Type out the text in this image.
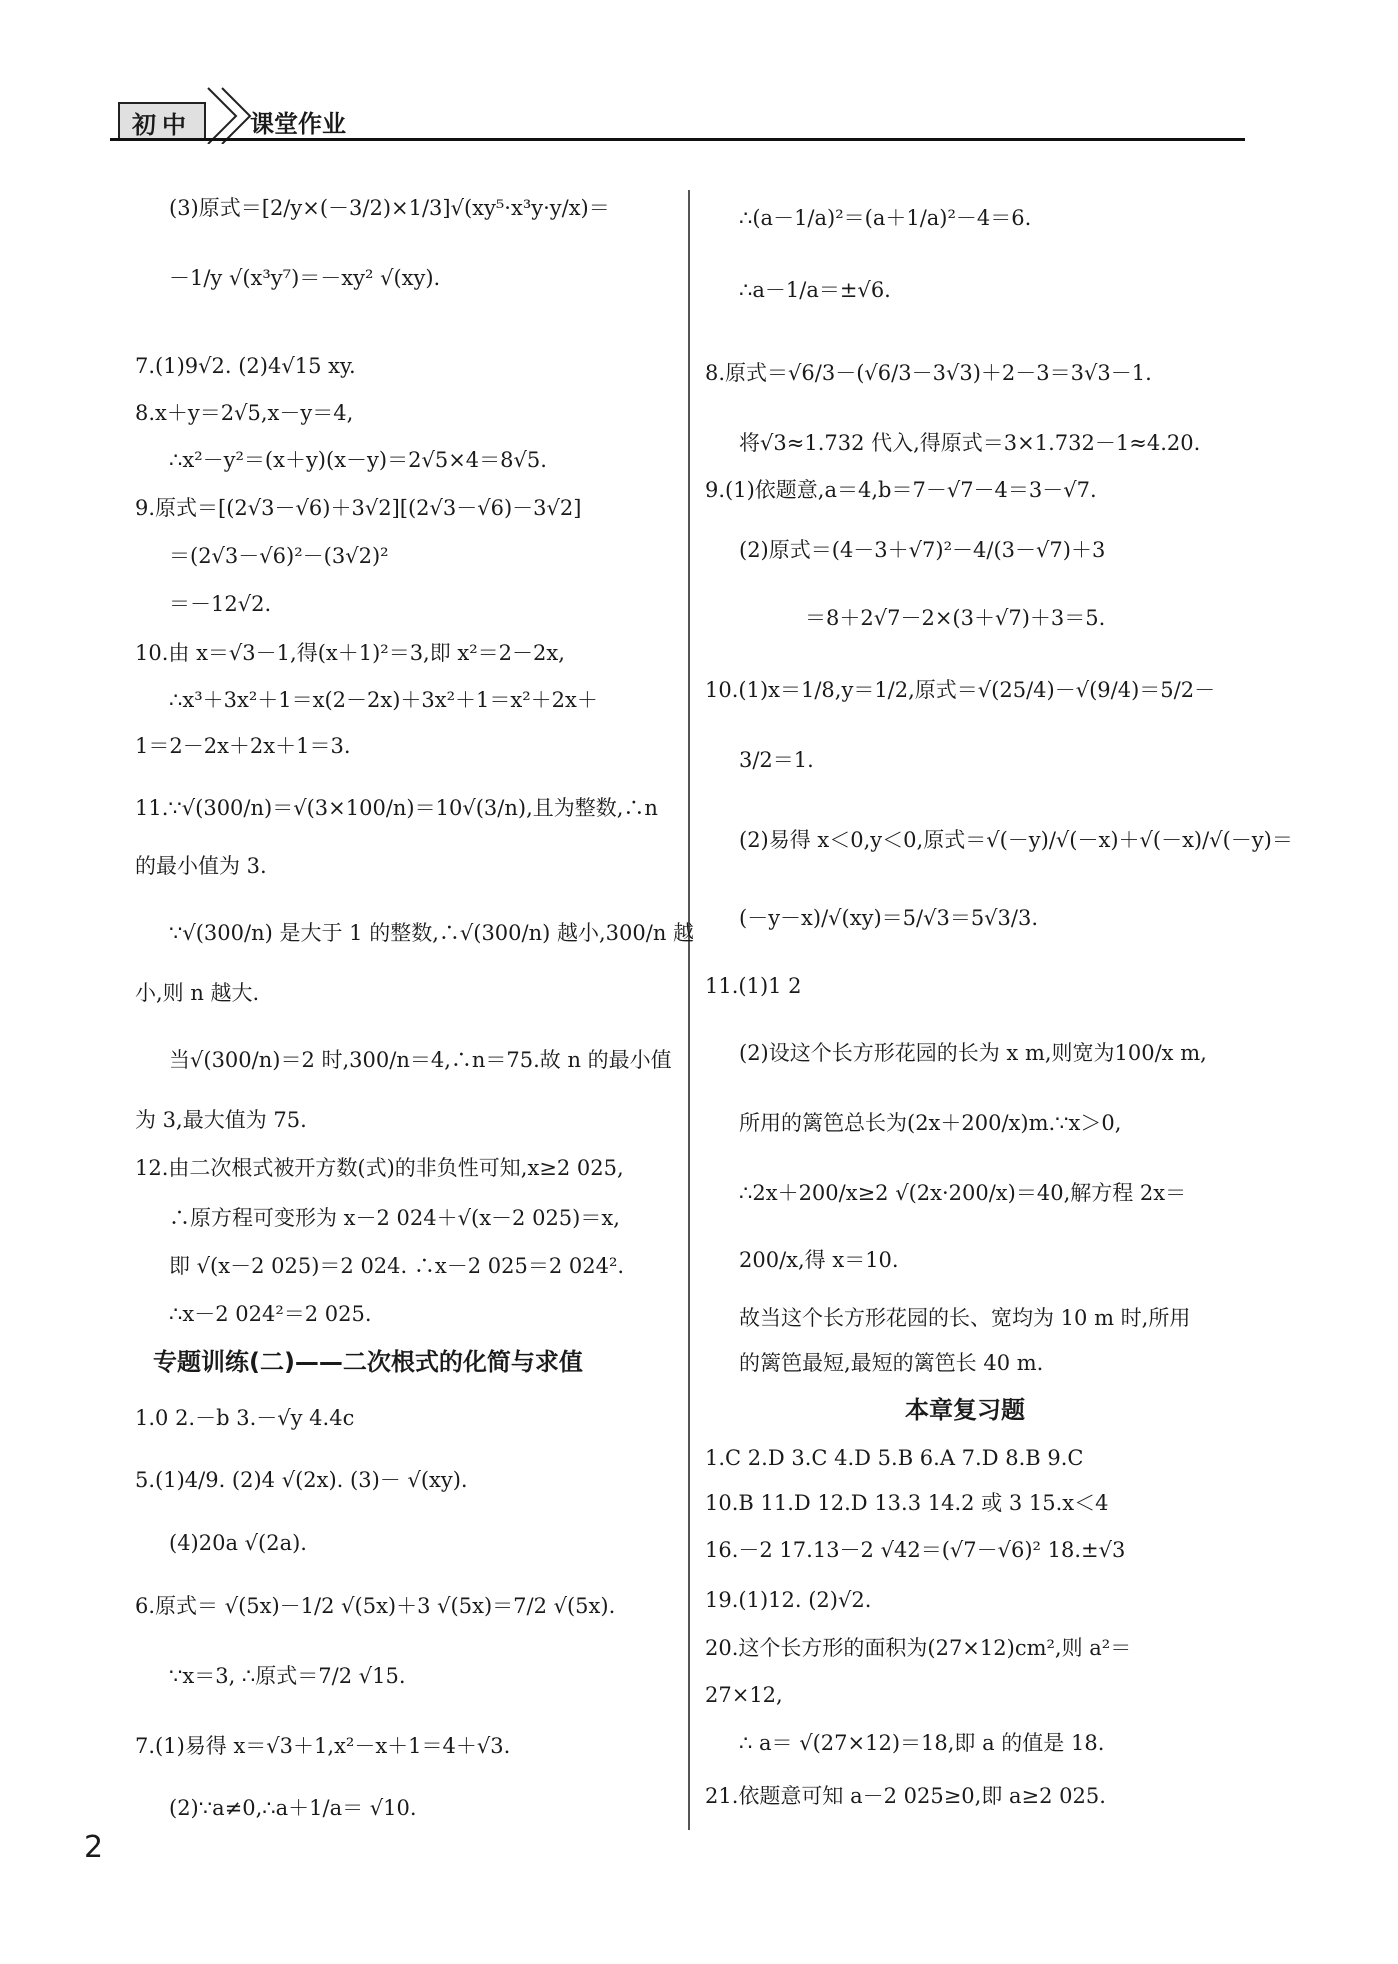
初中	课堂作业
(3)原式＝[2/y×(－3/2)×1/3]√(xy⁵·x³y·y/x)＝
－1/y √(x³y⁷)＝－xy² √(xy).
7.(1)9√2. (2)4√15 xy.
8.x＋y＝2√5,x－y＝4,
∴x²－y²＝(x＋y)(x－y)＝2√5×4＝8√5.
9.原式＝[(2√3－√6)＋3√2][(2√3－√6)－3√2]
＝(2√3－√6)²－(3√2)²
＝－12√2.
10.由 x＝√3－1,得(x＋1)²＝3,即 x²＝2－2x,
∴x³＋3x²＋1＝x(2－2x)＋3x²＋1＝x²＋2x＋
1＝2－2x＋2x＋1＝3.
11.∵√(300/n)＝√(3×100/n)＝10√(3/n),且为整数,∴n
的最小值为 3.
∵√(300/n) 是大于 1 的整数,∴√(300/n) 越小,300/n 越
小,则 n 越大.
当√(300/n)＝2 时,300/n＝4,∴n＝75.故 n 的最小值
为 3,最大值为 75.
12.由二次根式被开方数(式)的非负性可知,x≥2 025,
∴原方程可变形为 x－2 024＋√(x－2 025)＝x,
即 √(x－2 025)＝2 024. ∴x－2 025＝2 024².
∴x－2 024²＝2 025.
专题训练(二)——二次根式的化简与求值
1.0 2.－b 3.－√y 4.4c
5.(1)4/9. (2)4 √(2x). (3)－ √(xy).
(4)20a √(2a).
6.原式＝ √(5x)－1/2 √(5x)＋3 √(5x)＝7/2 √(5x).
∵x＝3, ∴原式＝7/2 √15.
7.(1)易得 x＝√3＋1,x²－x＋1＝4＋√3.
(2)∵a≠0,∴a＋1/a＝ √10.
∴(a－1/a)²＝(a＋1/a)²－4＝6.
∴a－1/a＝±√6.
8.原式＝√6/3－(√6/3－3√3)＋2－3＝3√3－1.
将√3≈1.732 代入,得原式＝3×1.732－1≈4.20.
9.(1)依题意,a＝4,b＝7－√7－4＝3－√7.
(2)原式＝(4－3＋√7)²－4/(3－√7)＋3
＝8＋2√7－2×(3＋√7)＋3＝5.
10.(1)x＝1/8,y＝1/2,原式＝√(25/4)－√(9/4)＝5/2－
3/2＝1.
(2)易得 x＜0,y＜0,原式＝√(－y)/√(－x)＋√(－x)/√(－y)＝
(－y－x)/√(xy)＝5/√3＝5√3/3.
11.(1)1 2
(2)设这个长方形花园的长为 x m,则宽为100/x m,
所用的篱笆总长为(2x＋200/x)m.∵x＞0,
∴2x＋200/x≥2 √(2x·200/x)＝40,解方程 2x＝
200/x,得 x＝10.
故当这个长方形花园的长、宽均为 10 m 时,所用
的篱笆最短,最短的篱笆长 40 m.
本章复习题
1.C 2.D 3.C 4.D 5.B 6.A 7.D 8.B 9.C
10.B 11.D 12.D 13.3 14.2 或 3 15.x＜4
16.－2 17.13－2 √42＝(√7－√6)² 18.±√3
19.(1)12. (2)√2.
20.这个长方形的面积为(27×12)cm²,则 a²＝
27×12,
∴ a＝ √(27×12)＝18,即 a 的值是 18.
21.依题意可知 a－2 025≥0,即 a≥2 025.
2
